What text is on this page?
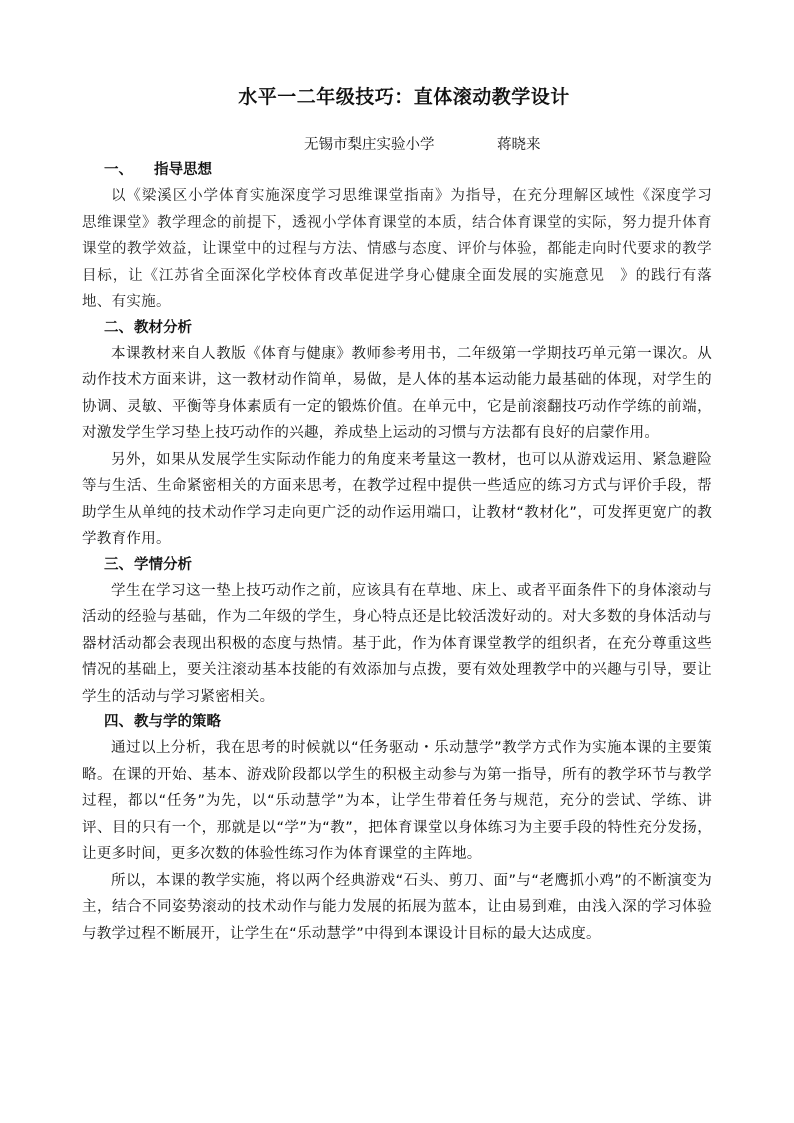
水平一二年级技巧：直体滚动教学设计
无锡市梨庄实验小学	蒋晓来
一、 指导思想

以《梁溪区小学体育实施深度学习思维课堂指南》为指导，在充分理解区域性《深度学习　思维课堂》教学理念的前提下，透视小学体育课堂的本质，结合体育课堂的实际，努力提升体育课堂的教学效益，让课堂中的过程与方法、情感与态度、评价与体验，都能走向时代要求的教学目标，让《江苏省全面深化学校体育改革促进学身心健康全面发展的实施意见　》的践行有落地、有实施。

二、 教材分析

本课教材来自人教版《体育与健康》教师参考用书，二年级第一学期技巧单元第一课次。从动作技术方面来讲，这一教材动作简单，易做，是人体的基本运动能力最基础的体现，对学生的协调、灵敏、平衡等身体素质有一定的锻炼价值。在单元中，它是前滚翻技巧动作学练的前端，对激发学生学习垫上技巧动作的兴趣，养成垫上运动的习惯与方法都有良好的启蒙作用。

另外，如果从发展学生实际动作能力的角度来考量这一教材，也可以从游戏运用、紧急避险等与生活、生命紧密相关的方面来思考，在教学过程中提供一些适应的练习方式与评价手段，帮助学生从单纯的技术动作学习走向更广泛的动作运用端口，让教材“教材化”，可发挥更宽广的教学教育作用。

三、 学情分析

学生在学习这一垫上技巧动作之前，应该具有在草地、床上、或者平面条件下的身体滚动与活动的经验与基础，作为二年级的学生，身心特点还是比较活泼好动的。对大多数的身体活动与器材活动都会表现出积极的态度与热情。基于此，作为体育课堂教学的组织者，在充分尊重这些情况的基础上，要关注滚动基本技能的有效添加与点拨，要有效处理教学中的兴趣与引导，要让学生的活动与学习紧密相关。

四、 教与学的策略

通过以上分析，我在思考的时候就以“任务驱动・乐动慧学”教学方式作为实施本课的主要策略。在课的开始、基本、游戏阶段都以学生的积极主动参与为第一指导，所有的教学环节与教学过程，都以“任务”为先，以“乐动慧学”为本，让学生带着任务与规范，充分的尝试、学练、讲评、目的只有一个，那就是以“学”为“教”，把体育课堂以身体练习为主要手段的特性充分发扬，让更多时间，更多次数的体验性练习作为体育课堂的主阵地。

所以，本课的教学实施，将以两个经典游戏“石头、剪刀、面”与“老鹰抓小鸡”的不断演变为主，结合不同姿势滚动的技术动作与能力发展的拓展为蓝本，让由易到难，由浅入深的学习体验与教学过程不断展开，让学生在“乐动慧学”中得到本课设计目标的最大达成度。
